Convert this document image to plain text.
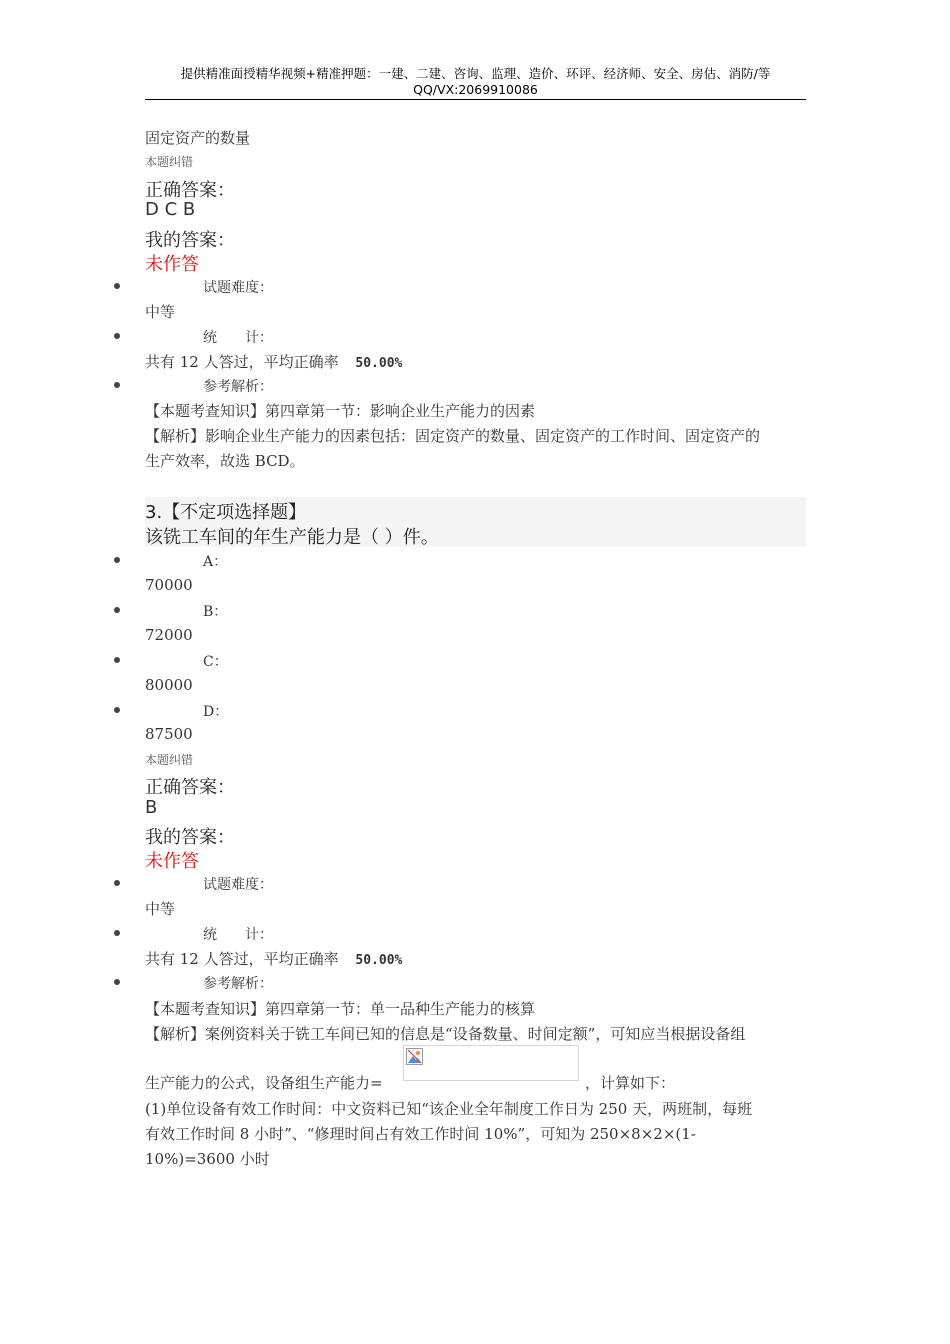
提供精准面授精华视频+精准押题：一建、二建、咨询、监理、造价、环评、经济师、安全、房估、消防/等
QQ/VX:2069910086
固定资产的数量
本题纠错
正确答案：
D C B
我的答案：
未作答
试题难度：
中等
统　　计：
共有 12 人答过，平均正确率 50.00%
参考解析：
【本题考查知识】第四章第一节：影响企业生产能力的因素
【解析】影响企业生产能力的因素包括：固定资产的数量、固定资产的工作时间、固定资产的
生产效率，故选 BCD。
3.【不定项选择题】
该铣工车间的年生产能力是（ ）件。
A：
70000
B：
72000
C：
80000
D：
87500
本题纠错
正确答案：
B
我的答案：
未作答
试题难度：
中等
统　　计：
共有 12 人答过，平均正确率 50.00%
参考解析：
【本题考查知识】第四章第一节：单一品种生产能力的核算
【解析】案例资料关于铣工车间已知的信息是“设备数量、时间定额”，可知应当根据设备组
生产能力的公式，设备组生产能力=	，计算如下：
(1)单位设备有效工作时间：中文资料已知“该企业全年制度工作日为 250 天，两班制，每班
有效工作时间 8 小时”、“修理时间占有效工作时间 10%”，可知为 250×8×2×(1-
10%)=3600 小时
